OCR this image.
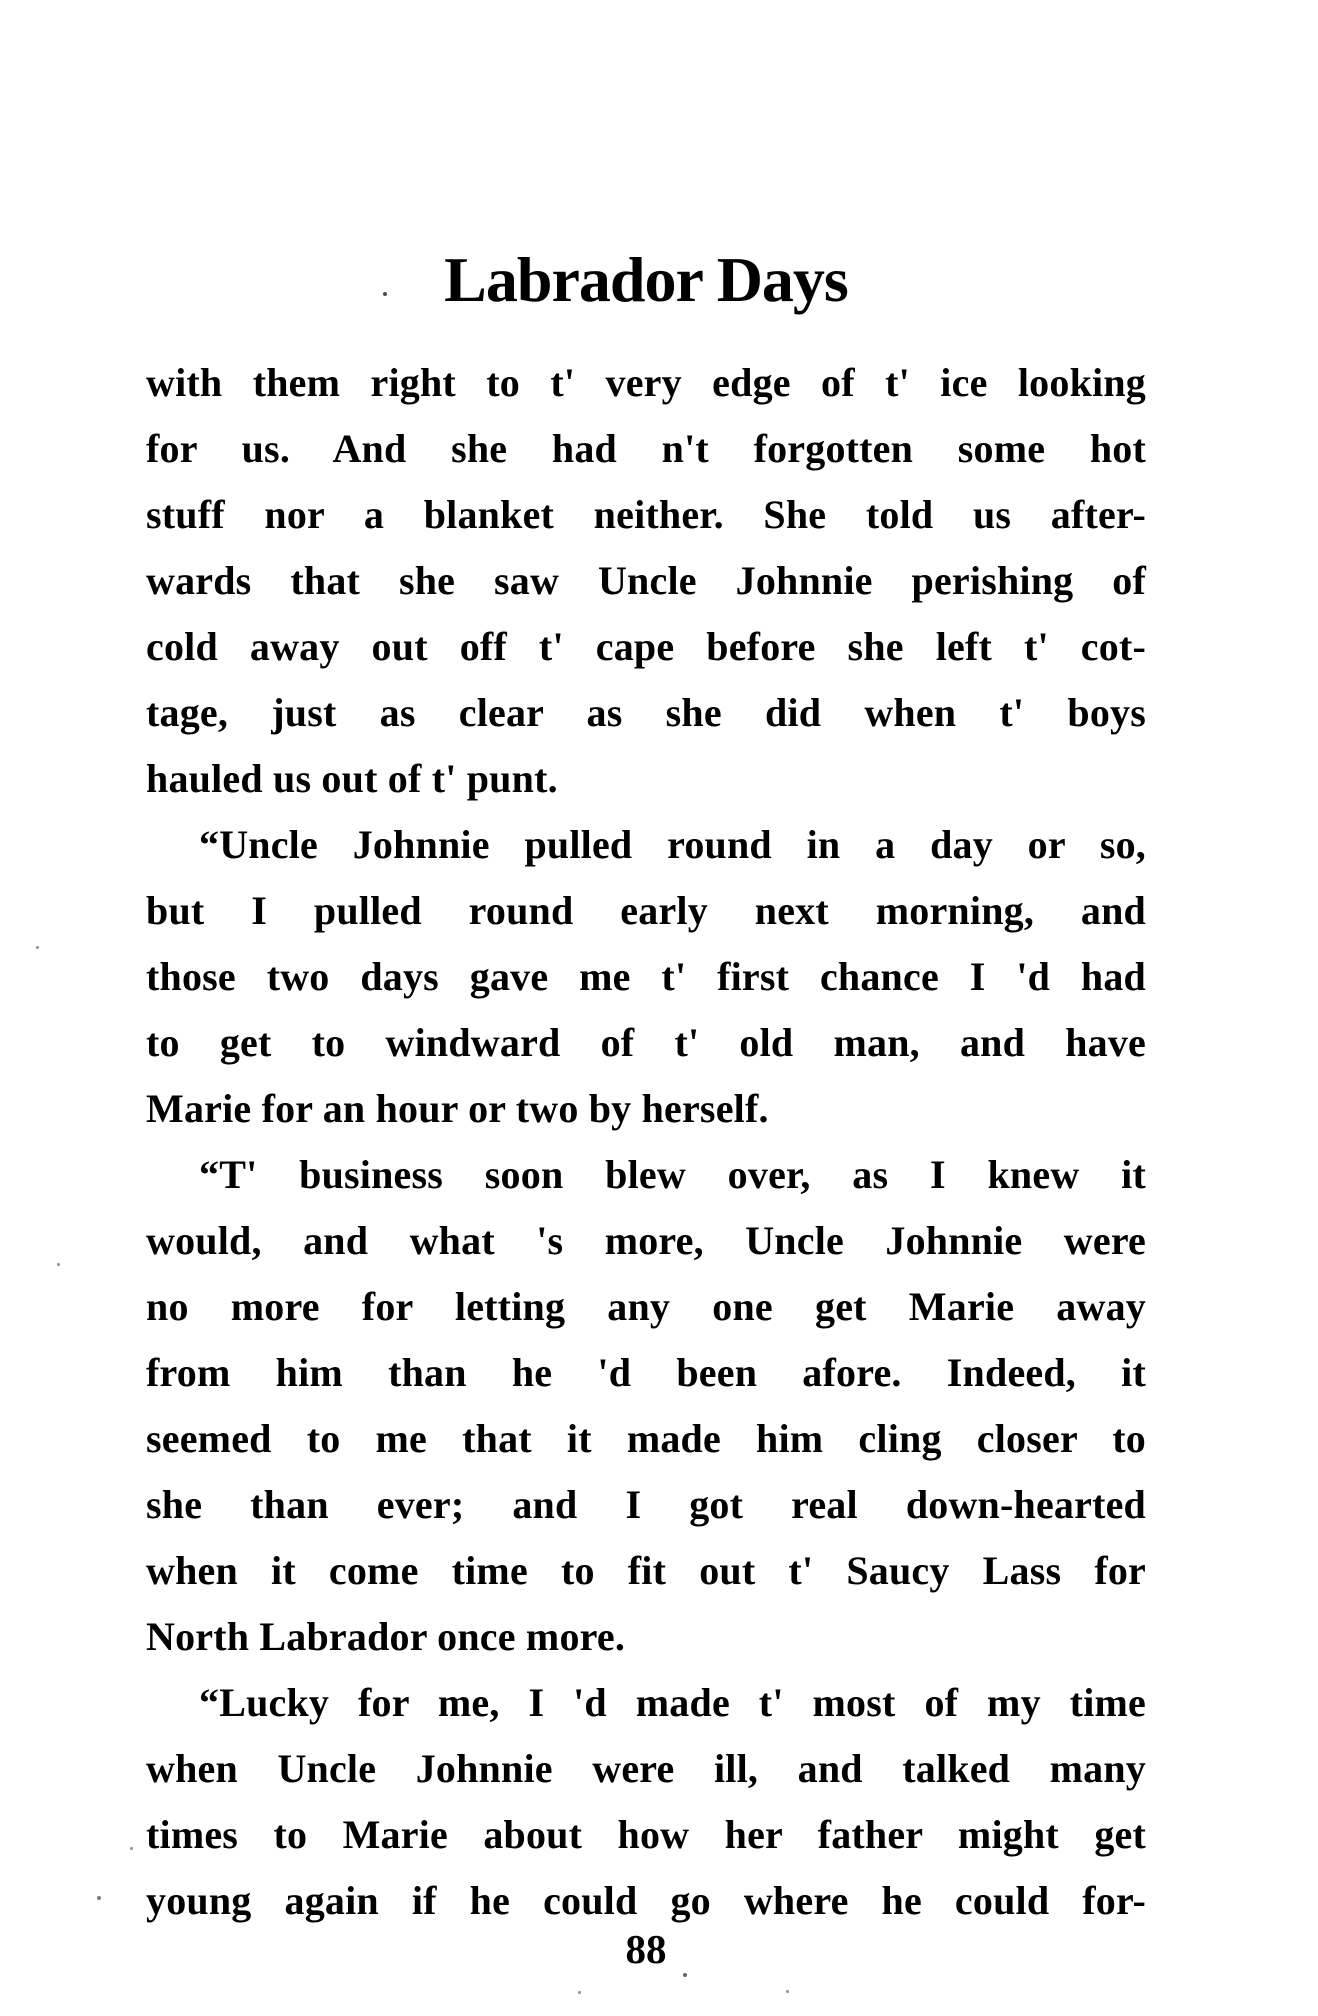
Labrador Days
with them right to t' very edge of t' ice looking
for us. And she had n't forgotten some hot
stuff nor a blanket neither. She told us after-
wards that she saw Uncle Johnnie perishing of
cold away out off t' cape before she left t' cot-
tage, just as clear as she did when t' boys
hauled us out of t' punt.
“Uncle Johnnie pulled round in a day or so,
but I pulled round early next morning, and
those two days gave me t' first chance I 'd had
to get to windward of t' old man, and have
Marie for an hour or two by herself.
“T' business soon blew over, as I knew it
would, and what 's more, Uncle Johnnie were
no more for letting any one get Marie away
from him than he 'd been afore. Indeed, it
seemed to me that it made him cling closer to
she than ever; and I got real down-hearted
when it come time to fit out t' Saucy Lass for
North Labrador once more.
“Lucky for me, I 'd made t' most of my time
when Uncle Johnnie were ill, and talked many
times to Marie about how her father might get
young again if he could go where he could for-
88
